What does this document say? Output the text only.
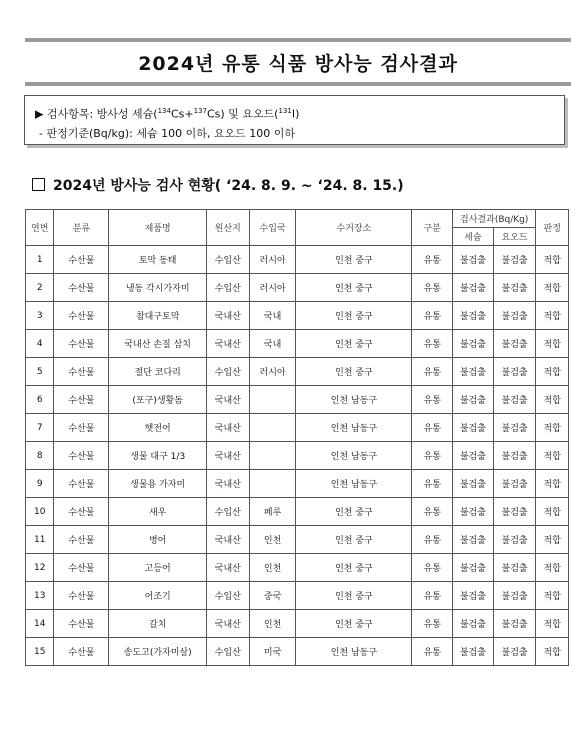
2024년 유통 식품 방사능 검사결과
▶ 검사항목: 방사성 세슘($^{134}$Cs+$^{137}$Cs) 및 요오드($^{131}$I)
- 판정기준(Bq/kg): 세슘 100 이하, 요오드 100 이하
2024년 방사능 검사 현황( ‘24. 8. 9. ~ ‘24. 8. 15.)
연번	분류	제품명	원산지	수입국	수거장소	구분	검사결과(Bq/Kg)		판정
							세슘	요오드	
1	수산물	토막 동태	수입산	러시아	인천 중구	유통	불검출	불검출	적합
2	수산물	냉동 각시가자미	수입산	러시아	인천 중구	유통	불검출	불검출	적합
3	수산물	참대구토막	국내산	국내	인천 중구	유통	불검출	불검출	적합
4	수산물	국내산 손질 삼치	국내산	국내	인천 중구	유통	불검출	불검출	적합
5	수산물	절단 코다리	수입산	러시아	인천 중구	유통	불검출	불검출	적합
6	수산물	(포구)생황돔	국내산		인천 남동구	유통	불검출	불검출	적합
7	수산물	햇전어	국내산		인천 남동구	유통	불검출	불검출	적합
8	수산물	생물 대구 1/3	국내산		인천 남동구	유통	불검출	불검출	적합
9	수산물	생물용 가자미	국내산		인천 남동구	유통	불검출	불검출	적합
10	수산물	새우	수입산	페루	인천 중구	유통	불검출	불검출	적합
11	수산물	병어	국내산	인천	인천 중구	유통	불검출	불검출	적합
12	수산물	고등어	국내산	인천	인천 중구	유통	불검출	불검출	적합
13	수산물	어조기	수입산	중국	인천 중구	유통	불검출	불검출	적합
14	수산물	갈치	국내산	인천	인천 중구	유통	불검출	불검출	적합
15	수산물	송도고(가자미살)	수입산	미국	인천 남동구	유통	불검출	불검출	적합
